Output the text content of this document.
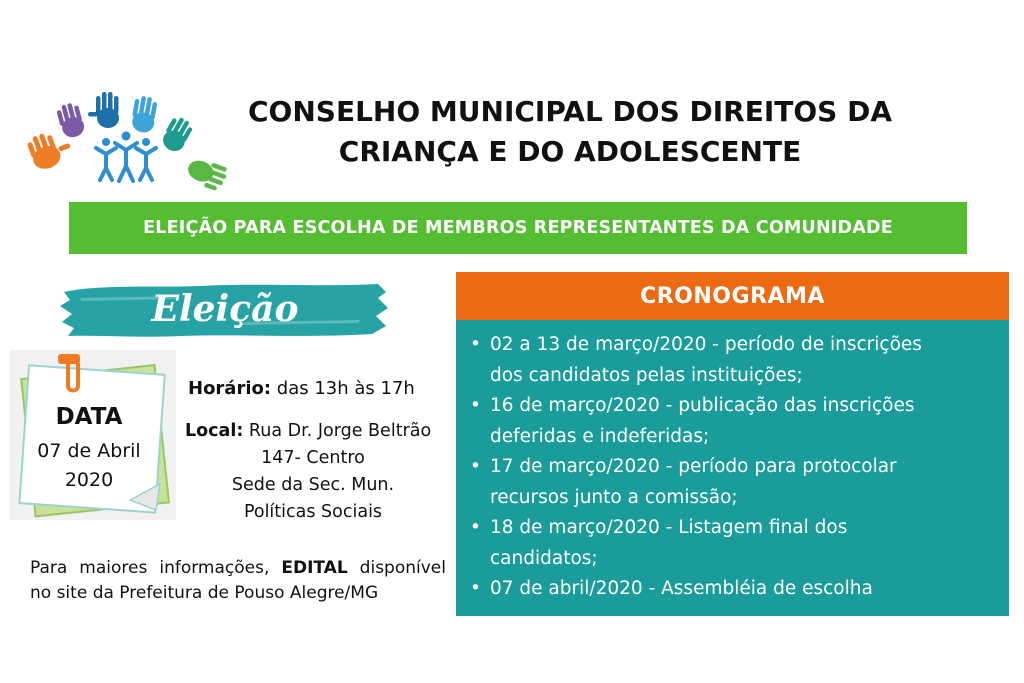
CONSELHO MUNICIPAL DOS DIREITOS DA
CRIANÇA E DO ADOLESCENTE
ELEIÇÃO PARA ESCOLHA DE MEMBROS REPRESENTANTES DA COMUNIDADE
Eleição
DATA
07 de Abril
2020
Horário: das 13h às 17h
Local: Rua Dr. Jorge Beltrão
147- Centro
Sede da Sec. Mun.
Políticas Sociais
Para maiores informações, EDITAL disponível no site da Prefeitura de Pouso Alegre/MG
CRONOGRAMA
• 02 a 13 de março/2020 - período de inscrições
dos candidatos pelas instituições;
• 16 de março/2020 - publicação das inscrições
deferidas e indeferidas;
• 17 de março/2020 - período para protocolar
recursos junto a comissão;
• 18 de março/2020 - Listagem final dos
candidatos;
• 07 de abril/2020 - Assembléia de escolha
